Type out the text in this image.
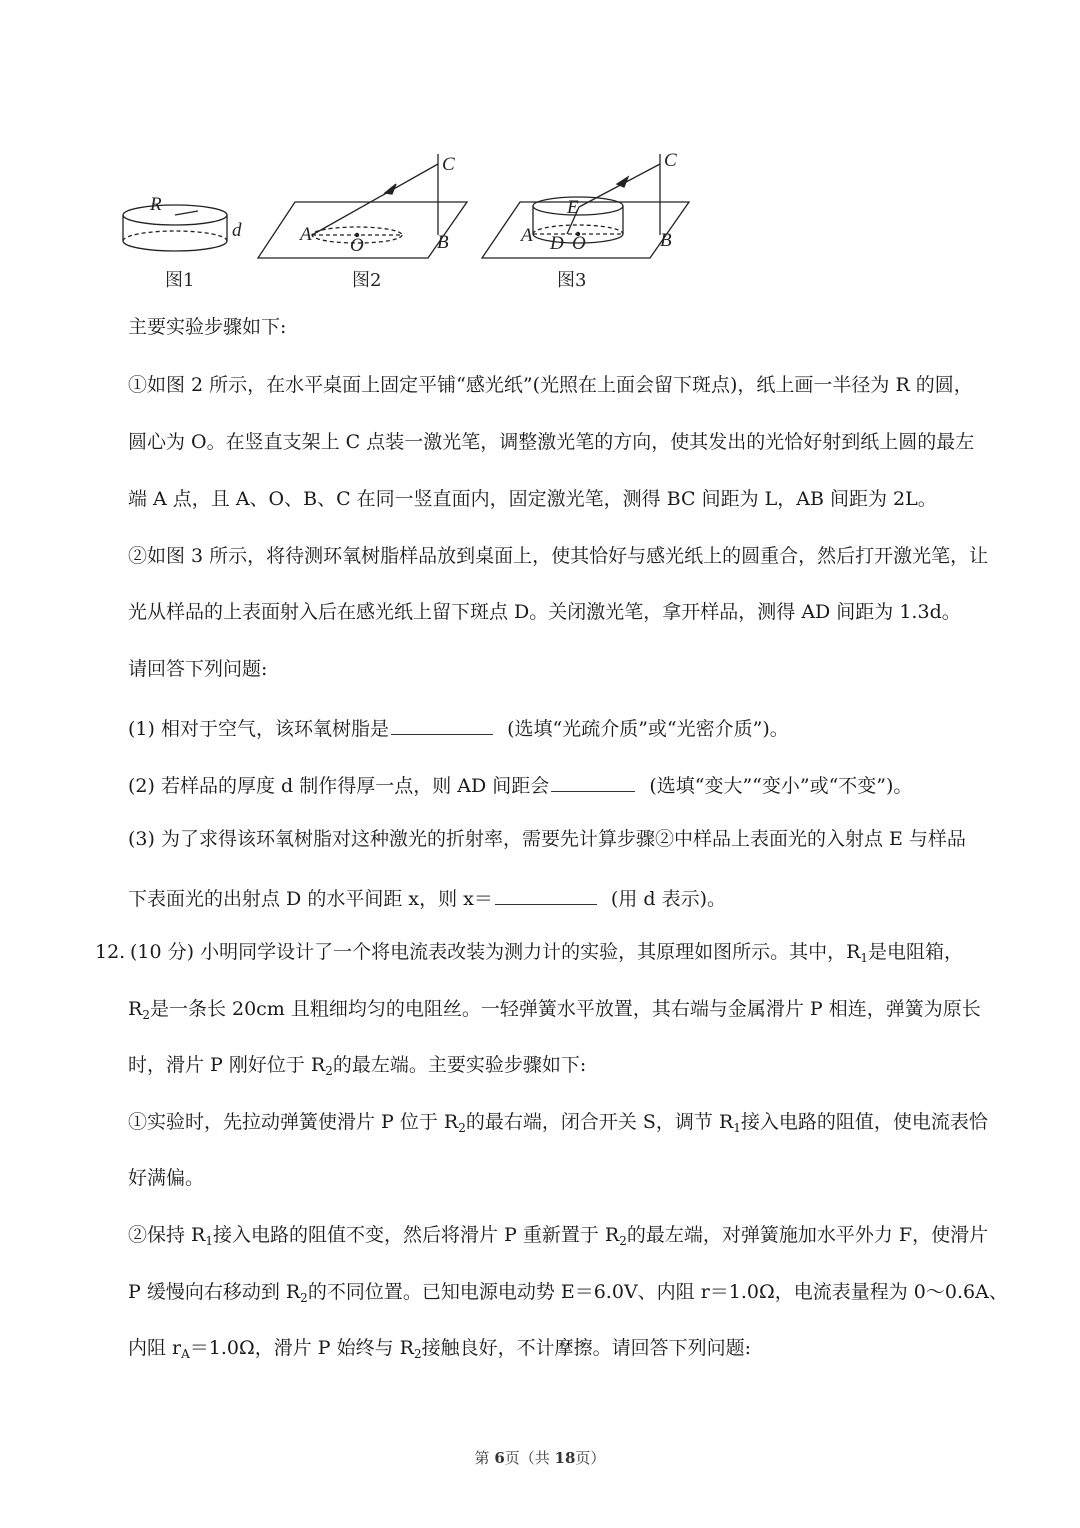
R
d	A
O	B
C
A D O
E
B
C
图1	图2	图3
主要实验步骤如下:
①如图 2 所示，在水平桌面上固定平铺“感光纸”(光照在上面会留下斑点)，纸上画一半径为 R 的圆，
圆心为 O。在竖直支架上 C 点装一激光笔，调整激光笔的方向，使其发出的光恰好射到纸上圆的最左
端 A 点，且 A、O、B、C 在同一竖直面内，固定激光笔，测得 BC 间距为 L，AB 间距为 2L。
②如图 3 所示，将待测环氧树脂样品放到桌面上，使其恰好与感光纸上的圆重合，然后打开激光笔，让
光从样品的上表面射入后在感光纸上留下斑点 D。关闭激光笔，拿开样品，测得 AD 间距为 1.3d。
请回答下列问题:
(1) 相对于空气，该环氧树脂是	(选填“光疏介质”或“光密介质”)。
(2) 若样品的厚度 d 制作得厚一点，则 AD 间距会	(选填“变大”“变小”或“不变”)。
(3) 为了求得该环氧树脂对这种激光的折射率，需要先计算步骤②中样品上表面光的入射点 E 与样品
下表面光的出射点 D 的水平间距 x，则 x＝	(用 d 表示)。
12. (10 分) 小明同学设计了一个将电流表改装为测力计的实验，其原理如图所示。其中，$R_1$是电阻箱，
$R_2$是一条长 20cm 且粗细均匀的电阻丝。一轻弹簧水平放置，其右端与金属滑片 P 相连，弹簧为原长
时，滑片 P 刚好位于 $R_2$的最左端。主要实验步骤如下:
①实验时，先拉动弹簧使滑片 P 位于 $R_2$的最右端，闭合开关 S，调节 $R_1$接入电路的阻值，使电流表恰
好满偏。
②保持 $R_1$接入电路的阻值不变，然后将滑片 P 重新置于 $R_2$的最左端，对弹簧施加水平外力 F，使滑片
P 缓慢向右移动到 $R_2$的不同位置。已知电源电动势 E＝6.0V、内阻 r＝1.0Ω，电流表量程为 0～0.6A、
内阻 $r_A=1.0\Omega$，滑片 P 始终与 $R_2$接触良好，不计摩擦。请回答下列问题:
第 6页（共 18页）
